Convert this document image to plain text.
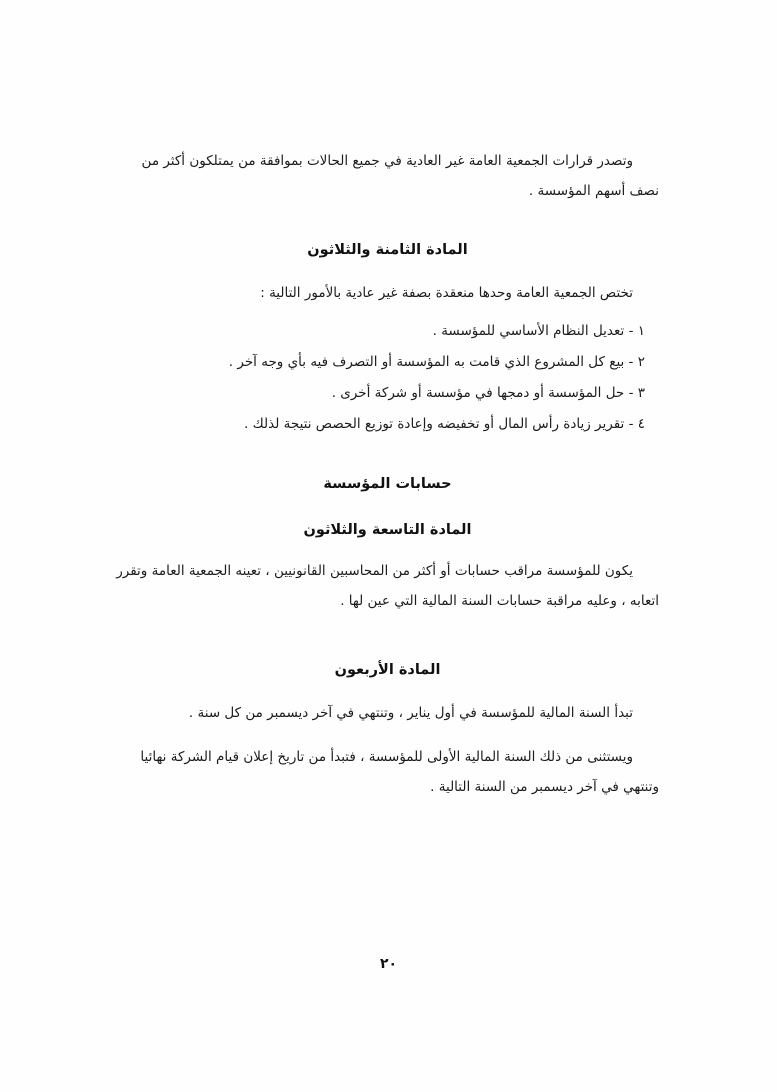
وتصدر قرارات الجمعية العامة غير العادية في جميع الحالات بموافقة من يمتلكون أكثر من نصف أسهم المؤسسة .

المادة الثامنة والثلاثون

تختص الجمعية العامة وحدها منعقدة بصفة غير عادية بالأمور التالية :

١ - تعديل النظام الأساسي للمؤسسة .

٢ - بيع كل المشروع الذي قامت به المؤسسة أو التصرف فيه بأي وجه آخر .

٣ - حل المؤسسة أو دمجها في مؤسسة أو شركة أخرى .

٤ - تقرير زيادة رأس المال أو تخفيضه وإعادة توزيع الحصص نتيجة لذلك .

حسابات المؤسسة
المادة التاسعة والثلاثون

يكون للمؤسسة مراقب حسابات أو أكثر من المحاسبين القانونيين ، تعينه الجمعية العامة وتقرر اتعابه ، وعليه مراقبة حسابات السنة المالية التي عين لها .

المادة الأربعون

تبدأ السنة المالية للمؤسسة في أول يناير ، وتنتهي في آخر ديسمبر من كل سنة .

ويستثنى من ذلك السنة المالية الأولى للمؤسسة ، فتبدأ من تاريخ إعلان قيام الشركة نهائيا وتنتهي في آخر ديسمبر من السنة التالية .

٢٠
